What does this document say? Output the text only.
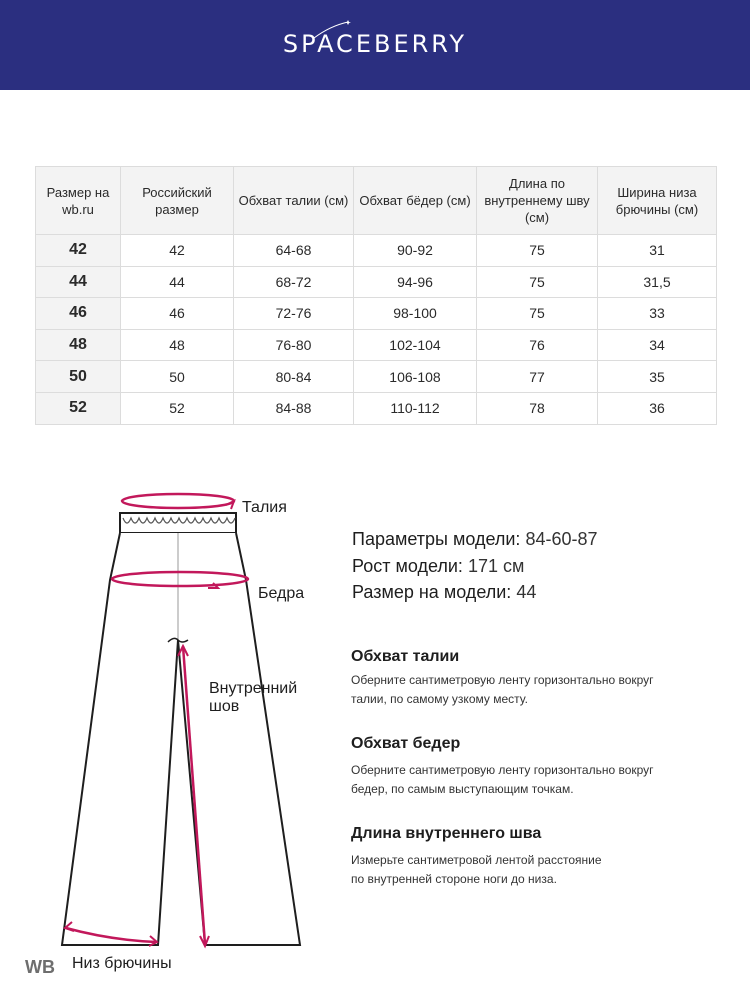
SPACEBERRY
Размер на wb.ru	Российский размер	Обхват талии (см)	Обхват бёдер (см)	Длина по внутреннему шву (см)	Ширина низа брючины (см)
42	42	64-68	90-92	75	31
44	44	68-72	94-96	75	31,5
46	46	72-76	98-100	75	33
48	48	76-80	102-104	76	34
50	50	80-84	106-108	77	35
52	52	84-88	110-112	78	36
Талия
Бедра
Внутренний
шов
Низ брючины
Параметры модели: 84-60-87
Рост модели: 171 см
Размер на модели: 44
Обхват талии
Оберните сантиметровую ленту горизонтально вокруг
талии, по самому узкому месту.
Обхват бедер
Оберните сантиметровую ленту горизонтально вокруг
бедер, по самым выступающим точкам.
Длина внутреннего шва
Измерьте сантиметровой лентой расстояние
по внутренней стороне ноги до низа.
WB
